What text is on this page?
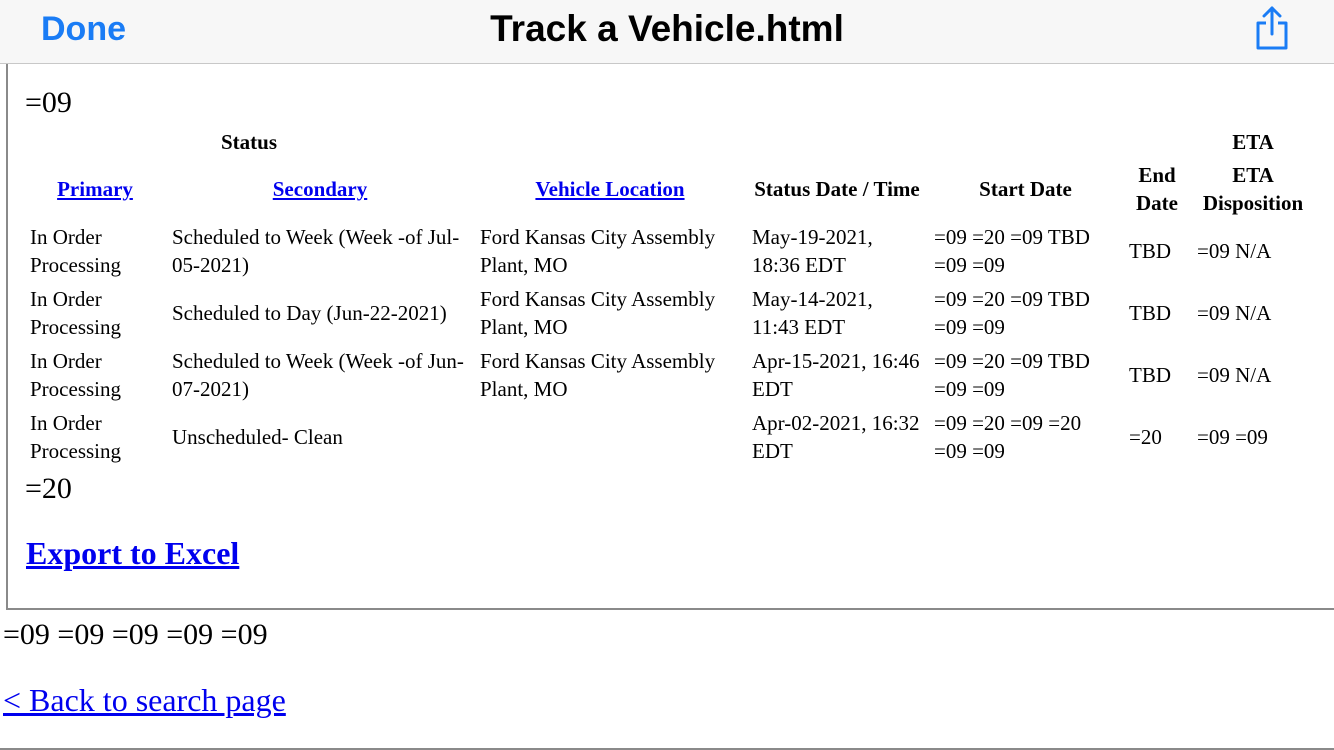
Done	Track a Vehicle.html
=09
Status						ETA
Primary	Secondary	Vehicle Location	Status Date / Time	Start Date	End Date	ETA Disposition
In Order Processing	Scheduled to Week (Week -of Jul-05-2021)	Ford Kansas City Assembly Plant, MO	May-19-2021, 18:36 EDT	=09 =20 =09 TBD =09 =09	TBD	=09 N/A
In Order Processing	Scheduled to Day (Jun-22-2021)	Ford Kansas City Assembly Plant, MO	May-14-2021, 11:43 EDT	=09 =20 =09 TBD =09 =09	TBD	=09 N/A
In Order Processing	Scheduled to Week (Week -of Jun-07-2021)	Ford Kansas City Assembly Plant, MO	Apr-15-2021, 16:46 EDT	=09 =20 =09 TBD =09 =09	TBD	=09 N/A
In Order Processing	Unscheduled- Clean		Apr-02-2021, 16:32 EDT	=09 =20 =09 =20 =09 =09	=20	=09 =09
=20
Export to Excel
=09 =09 =09 =09 =09
< Back to search page
